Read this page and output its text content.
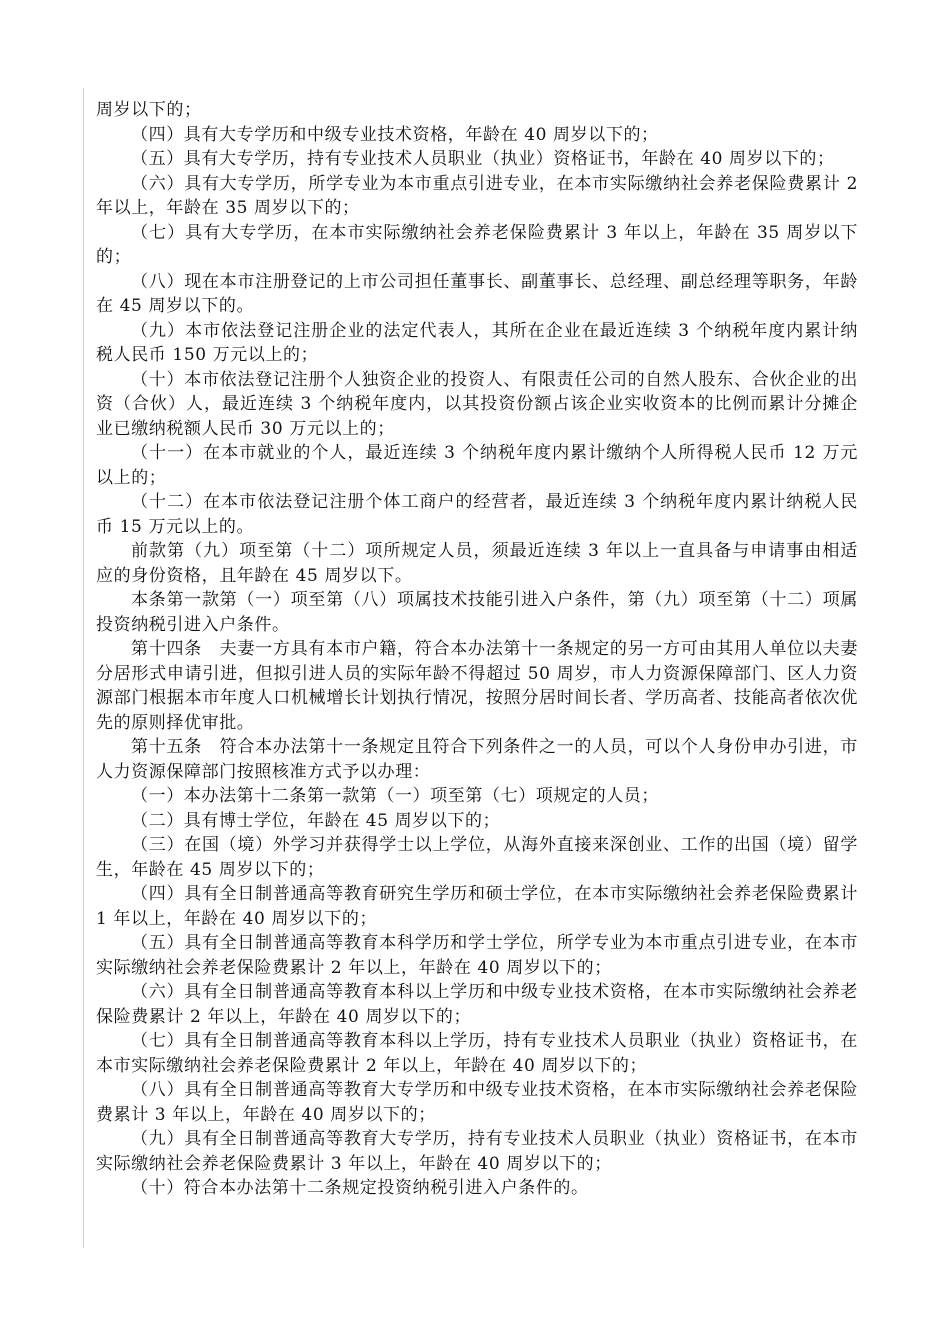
周岁以下的；

（四）具有大专学历和中级专业技术资格，年龄在 40 周岁以下的；

（五）具有大专学历，持有专业技术人员职业（执业）资格证书，年龄在 40 周岁以下的；

（六）具有大专学历，所学专业为本市重点引进专业，在本市实际缴纳社会养老保险费累计 2 年以上，年龄在 35 周岁以下的；

（七）具有大专学历，在本市实际缴纳社会养老保险费累计 3 年以上，年龄在 35 周岁以下的；

（八）现在本市注册登记的上市公司担任董事长、副董事长、总经理、副总经理等职务，年龄在 45 周岁以下的。

（九）本市依法登记注册企业的法定代表人，其所在企业在最近连续 3 个纳税年度内累计纳税人民币 150 万元以上的；

（十）本市依法登记注册个人独资企业的投资人、有限责任公司的自然人股东、合伙企业的出资（合伙）人，最近连续 3 个纳税年度内，以其投资份额占该企业实收资本的比例而累计分摊企业已缴纳税额人民币 30 万元以上的；

（十一）在本市就业的个人，最近连续 3 个纳税年度内累计缴纳个人所得税人民币 12 万元以上的；

（十二）在本市依法登记注册个体工商户的经营者，最近连续 3 个纳税年度内累计纳税人民币 15 万元以上的。

前款第（九）项至第（十二）项所规定人员，须最近连续 3 年以上一直具备与申请事由相适应的身份资格，且年龄在 45 周岁以下。

本条第一款第（一）项至第（八）项属技术技能引进入户条件，第（九）项至第（十二）项属投资纳税引进入户条件。

第十四条　夫妻一方具有本市户籍，符合本办法第十一条规定的另一方可由其用人单位以夫妻分居形式申请引进，但拟引进人员的实际年龄不得超过 50 周岁，市人力资源保障部门、区人力资源部门根据本市年度人口机械增长计划执行情况，按照分居时间长者、学历高者、技能高者依次优先的原则择优审批。

第十五条　符合本办法第十一条规定且符合下列条件之一的人员，可以个人身份申办引进，市人力资源保障部门按照核准方式予以办理：

（一）本办法第十二条第一款第（一）项至第（七）项规定的人员；

（二）具有博士学位，年龄在 45 周岁以下的；

（三）在国（境）外学习并获得学士以上学位，从海外直接来深创业、工作的出国（境）留学生，年龄在 45 周岁以下的；

（四）具有全日制普通高等教育研究生学历和硕士学位，在本市实际缴纳社会养老保险费累计 1 年以上，年龄在 40 周岁以下的；

（五）具有全日制普通高等教育本科学历和学士学位，所学专业为本市重点引进专业，在本市实际缴纳社会养老保险费累计 2 年以上，年龄在 40 周岁以下的；

（六）具有全日制普通高等教育本科以上学历和中级专业技术资格，在本市实际缴纳社会养老保险费累计 2 年以上，年龄在 40 周岁以下的；

（七）具有全日制普通高等教育本科以上学历，持有专业技术人员职业（执业）资格证书，在本市实际缴纳社会养老保险费累计 2 年以上，年龄在 40 周岁以下的；

（八）具有全日制普通高等教育大专学历和中级专业技术资格，在本市实际缴纳社会养老保险费累计 3 年以上，年龄在 40 周岁以下的；

（九）具有全日制普通高等教育大专学历，持有专业技术人员职业（执业）资格证书，在本市实际缴纳社会养老保险费累计 3 年以上，年龄在 40 周岁以下的；

（十）符合本办法第十二条规定投资纳税引进入户条件的。
